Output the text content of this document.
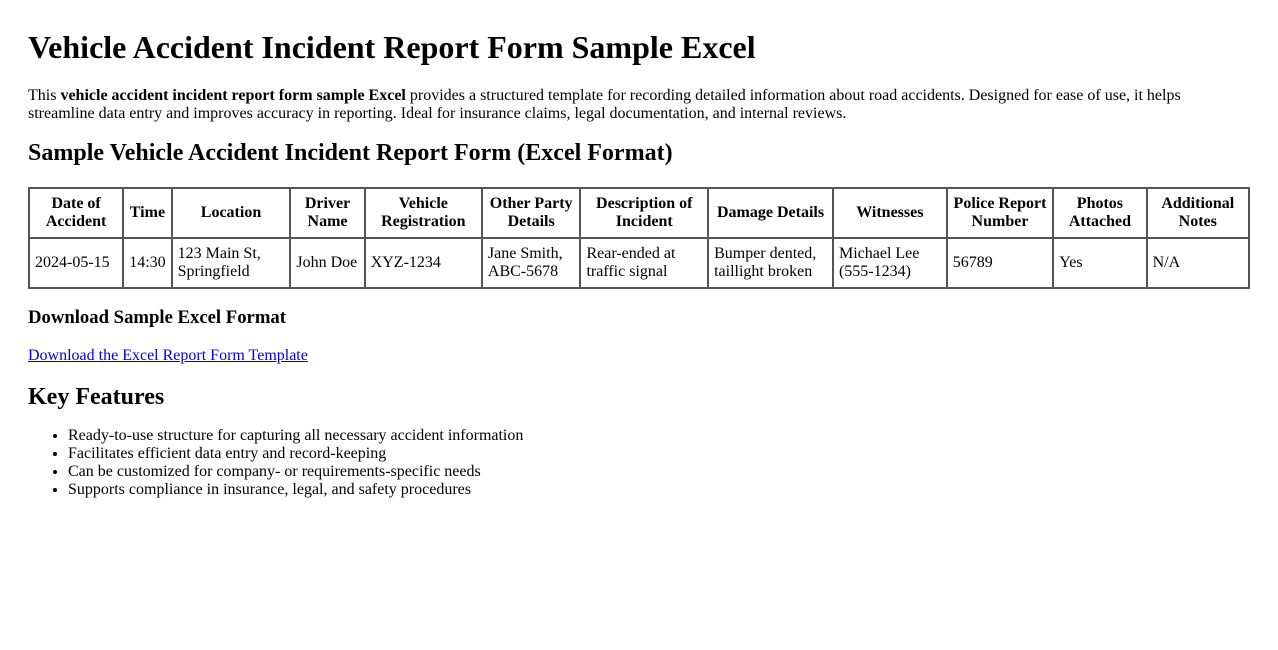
Vehicle Accident Incident Report Form Sample Excel

This vehicle accident incident report form sample Excel provides a structured template for recording detailed information about road accidents. Designed for ease of use, it helps streamline data entry and improves accuracy in reporting. Ideal for insurance claims, legal documentation, and internal reviews.

Sample Vehicle Accident Incident Report Form (Excel Format)
Date of Accident	Time	Location	Driver Name	Vehicle Registration	Other Party Details	Description of Incident	Damage Details	Witnesses	Police Report Number	Photos Attached	Additional Notes
2024-05-15	14:30	123 Main St, Springfield	John Doe	XYZ-1234	Jane Smith, ABC-5678	Rear-ended at traffic signal	Bumper dented, taillight broken	Michael Lee (555-1234)	56789	Yes	N/A
Download Sample Excel Format

Download the Excel Report Form Template

Key Features
• Ready-to-use structure for capturing all necessary accident information
• Facilitates efficient data entry and record-keeping
• Can be customized for company- or requirements-specific needs
• Supports compliance in insurance, legal, and safety procedures
